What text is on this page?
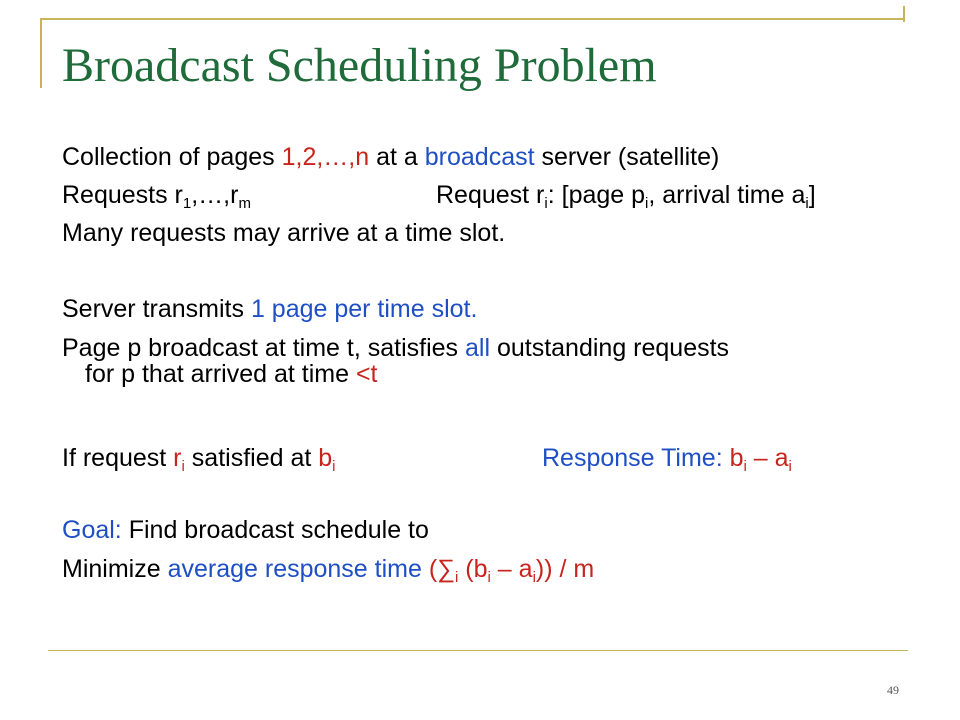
Broadcast Scheduling Problem

Collection of pages 1,2,…,n at a broadcast server (satellite)

Requests $r_1,\dots,r_m$	Request $r_i$: [page $p_i$, arrival time $a_i$]

Many requests may arrive at a time slot.

Server transmits 1 page per time slot.

Page p broadcast at time t, satisfies all outstanding requests

for p that arrived at time <t

If request $r_i$ satisfied at $b_i$	Response Time: $b_i - a_i$

Goal: Find broadcast schedule to

Minimize average response time ($\sum_i$ $(b_i - a_i)$) / m

49
